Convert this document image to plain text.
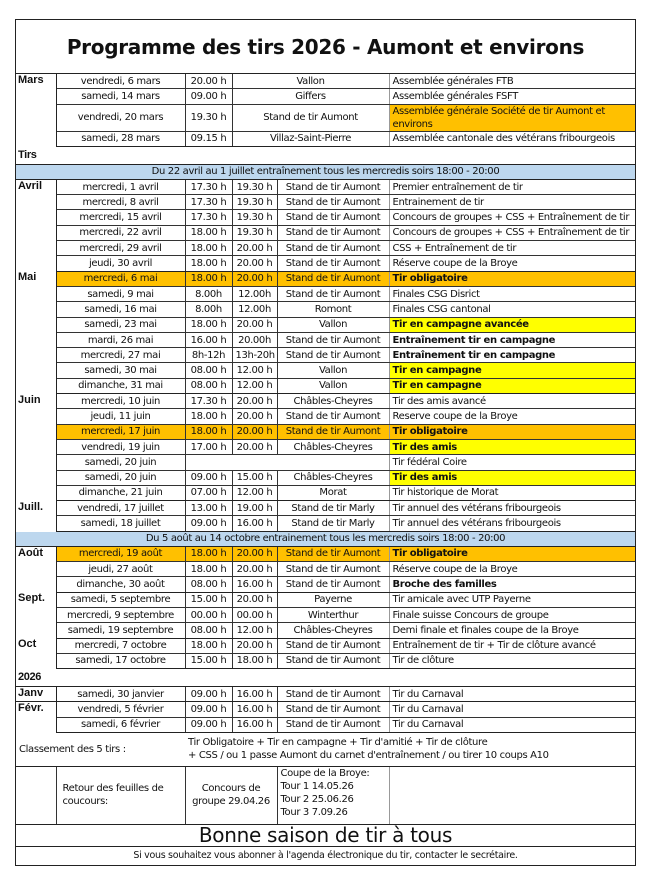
Programme des tirs 2026 - Aumont et environs
Mars	vendredi, 6 mars	20.00 h	Vallon		Assemblée générales FTB
	samedi, 14 mars	09.00 h	Giffers		Assemblée générales FSFT
	vendredi, 20 mars	19.30 h	Stand de tir Aumont		Assemblée générale Société de tir Aumont et environs
	samedi, 28 mars	09.15 h	Villaz-Saint-Pierre		Assemblée cantonale des vétérans fribourgeois
Tirs					
Du 22 avril au 1 juillet entraînement tous les mercredis soirs 18:00 - 20:00					
Avril	mercredi, 1 avril	17.30 h	19.30 h	Stand de tir Aumont	Premier entraînement de tir
	mercredi, 8 avril	17.30 h	19.30 h	Stand de tir Aumont	Entrainement de tir
	mercredi, 15 avril	17.30 h	19.30 h	Stand de tir Aumont	Concours de groupes + CSS + Entraînement de tir
	mercredi, 22 avril	18.00 h	19.30 h	Stand de tir Aumont	Concours de groupes + CSS + Entraînement de tir
	mercredi, 29 avril	18.00 h	20.00 h	Stand de tir Aumont	CSS + Entraînement de tir
	jeudi, 30 avril	18.00 h	20.00 h	Stand de tir Aumont	Réserve coupe de la Broye
Mai	mercredi, 6 mai	18.00 h	20.00 h	Stand de tir Aumont	Tir obligatoire
	samedi, 9 mai	8.00h	12.00h	Stand de tir Aumont	Finales CSG Disrict
	samedi, 16 mai	8.00h	12.00h	Romont	Finales CSG cantonal
	samedi, 23 mai	18.00 h	20.00 h	Vallon	Tir en campagne avancée
	mardi, 26 mai	16.00 h	20.00h	Stand de tir Aumont	Entraînement tir en campagne
	mercredi, 27 mai	8h-12h	13h-20h	Stand de tir Aumont	Entraînement tir en campagne
	samedi, 30 mai	08.00 h	12.00 h	Vallon	Tir en campagne
	dimanche, 31 mai	08.00 h	12.00 h	Vallon	Tir en campagne
Juin	mercredi, 10 juin	17.30 h	20.00 h	Châbles-Cheyres	Tir des amis avancé
	jeudi, 11 juin	18.00 h	20.00 h	Stand de tir Aumont	Reserve coupe de la Broye
	mercredi, 17 juin	18.00 h	20.00 h	Stand de tir Aumont	Tir obligatoire
	vendredi, 19 juin	17.00 h	20.00 h	Châbles-Cheyres	Tir des amis
	samedi, 20 juin				Tir fédéral Coire
	samedi, 20 juin	09.00 h	15.00 h	Châbles-Cheyres	Tir des amis
	dimanche, 21 juin	07.00 h	12.00 h	Morat	Tir historique de Morat
Juill.	vendredi, 17 juillet	13.00 h	19.00 h	Stand de tir Marly	Tir annuel des vétérans fribourgeois
	samedi, 18 juillet	09.00 h	16.00 h	Stand de tir Marly	Tir annuel des vétérans fribourgeois
Du 5 août au 14 octobre entrainement tous les mercredis soirs 18:00 - 20:00					
Août	mercredi, 19 août	18.00 h	20.00 h	Stand de tir Aumont	Tir obligatoire
	jeudi, 27 août	18.00 h	20.00 h	Stand de tir Aumont	Réserve coupe de la Broye
	dimanche, 30 août	08.00 h	16.00 h	Stand de tir Aumont	Broche des familles
Sept.	samedi, 5 septembre	15.00 h	20.00 h	Payerne	Tir amicale avec UTP Payerne
	mercredi, 9 septembre	00.00 h	00.00 h	Winterthur	Finale suisse Concours de groupe
	samedi, 19 septembre	08.00 h	12.00 h	Châbles-Cheyres	Demi finale et finales coupe de la Broye
Oct	mercredi, 7 octobre	18.00 h	20.00 h	Stand de tir Aumont	Entraînement de tir + Tir de clôture avancé
	samedi, 17 octobre	15.00 h	18.00 h	Stand de tir Aumont	Tir de clôture
2026					
Janv	samedi, 30 janvier	09.00 h	16.00 h	Stand de tir Aumont	Tir du Carnaval
Févr.	vendredi, 5 février	09.00 h	16.00 h	Stand de tir Aumont	Tir du Carnaval
	samedi, 6 février	09.00 h	16.00 h	Stand de tir Aumont	Tir du Carnaval
Classement des 5 tirs :		Tir Obligatoire + Tir en campagne + Tir d'amitié + Tir de clôture
+ CSS / ou 1 passe Aumont du carnet d'entraînement / ou tirer 10 coups A10			

	Retour des feuilles de coucours:	Concours de groupe 29.04.26		Coupe de la Broye:
Tour 1 14.05.26
Tour 2 25.06.26
Tour 3 7.09.26	

Bonne saison de tir à tous
Si vous souhaitez vous abonner à l'agenda électronique du tir, contacter le secrétaire.
